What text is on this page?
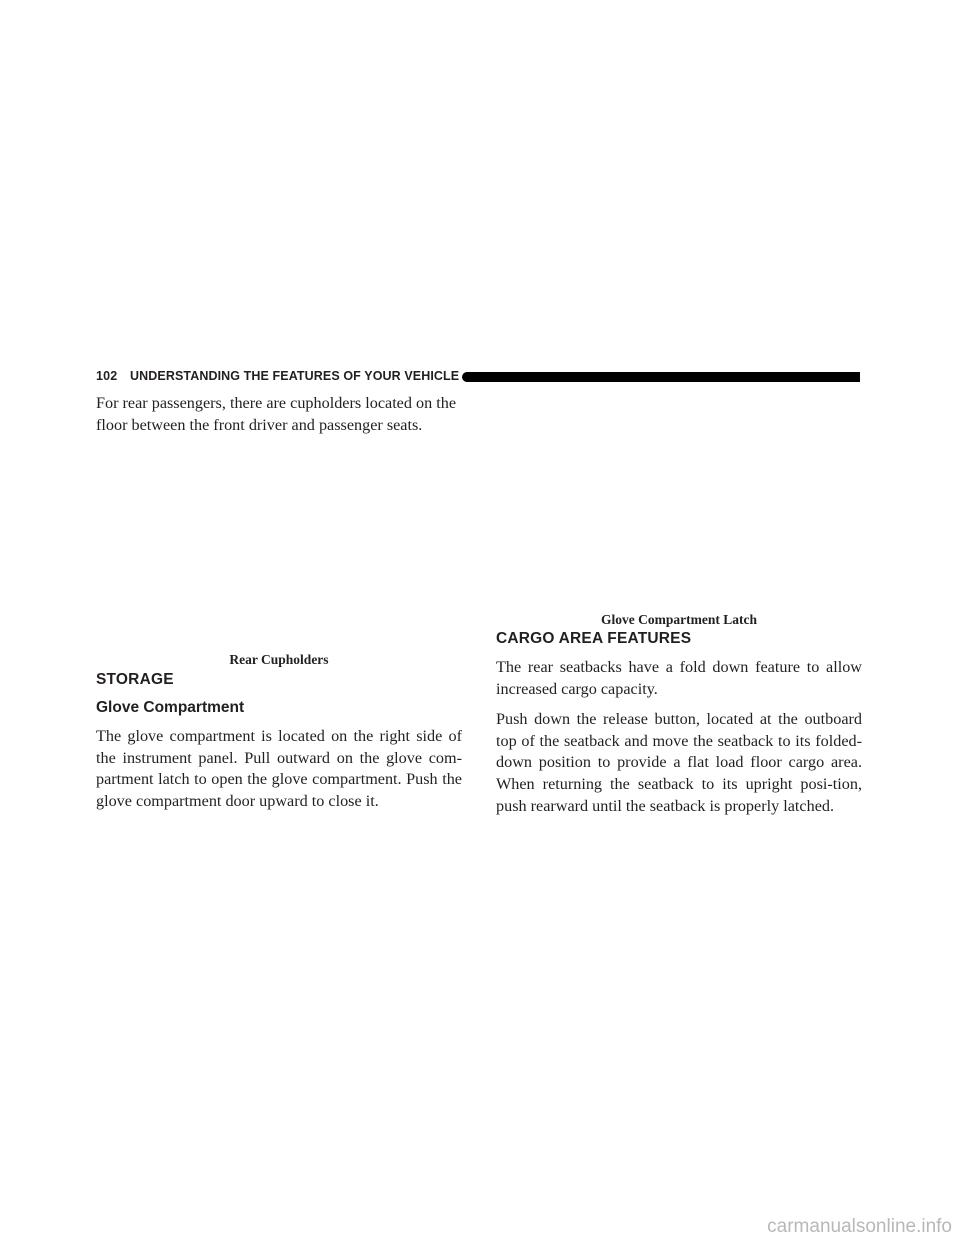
102 UNDERSTANDING THE FEATURES OF YOUR VEHICLE

For rear passengers, there are cupholders located on the floor between the front driver and passenger seats.

Rear Cupholders
STORAGE
Glove Compartment

The glove compartment is located on the right side of the instrument panel. Pull outward on the glove com-partment latch to open the glove compartment. Push the glove compartment door upward to close it.

Glove Compartment Latch
CARGO AREA FEATURES

The rear seatbacks have a fold down feature to allow increased cargo capacity.

Push down the release button, located at the outboard top of the seatback and move the seatback to its folded-down position to provide a flat load floor cargo area. When returning the seatback to its upright posi-tion, push rearward until the seatback is properly latched.

carmanualsonline.info
